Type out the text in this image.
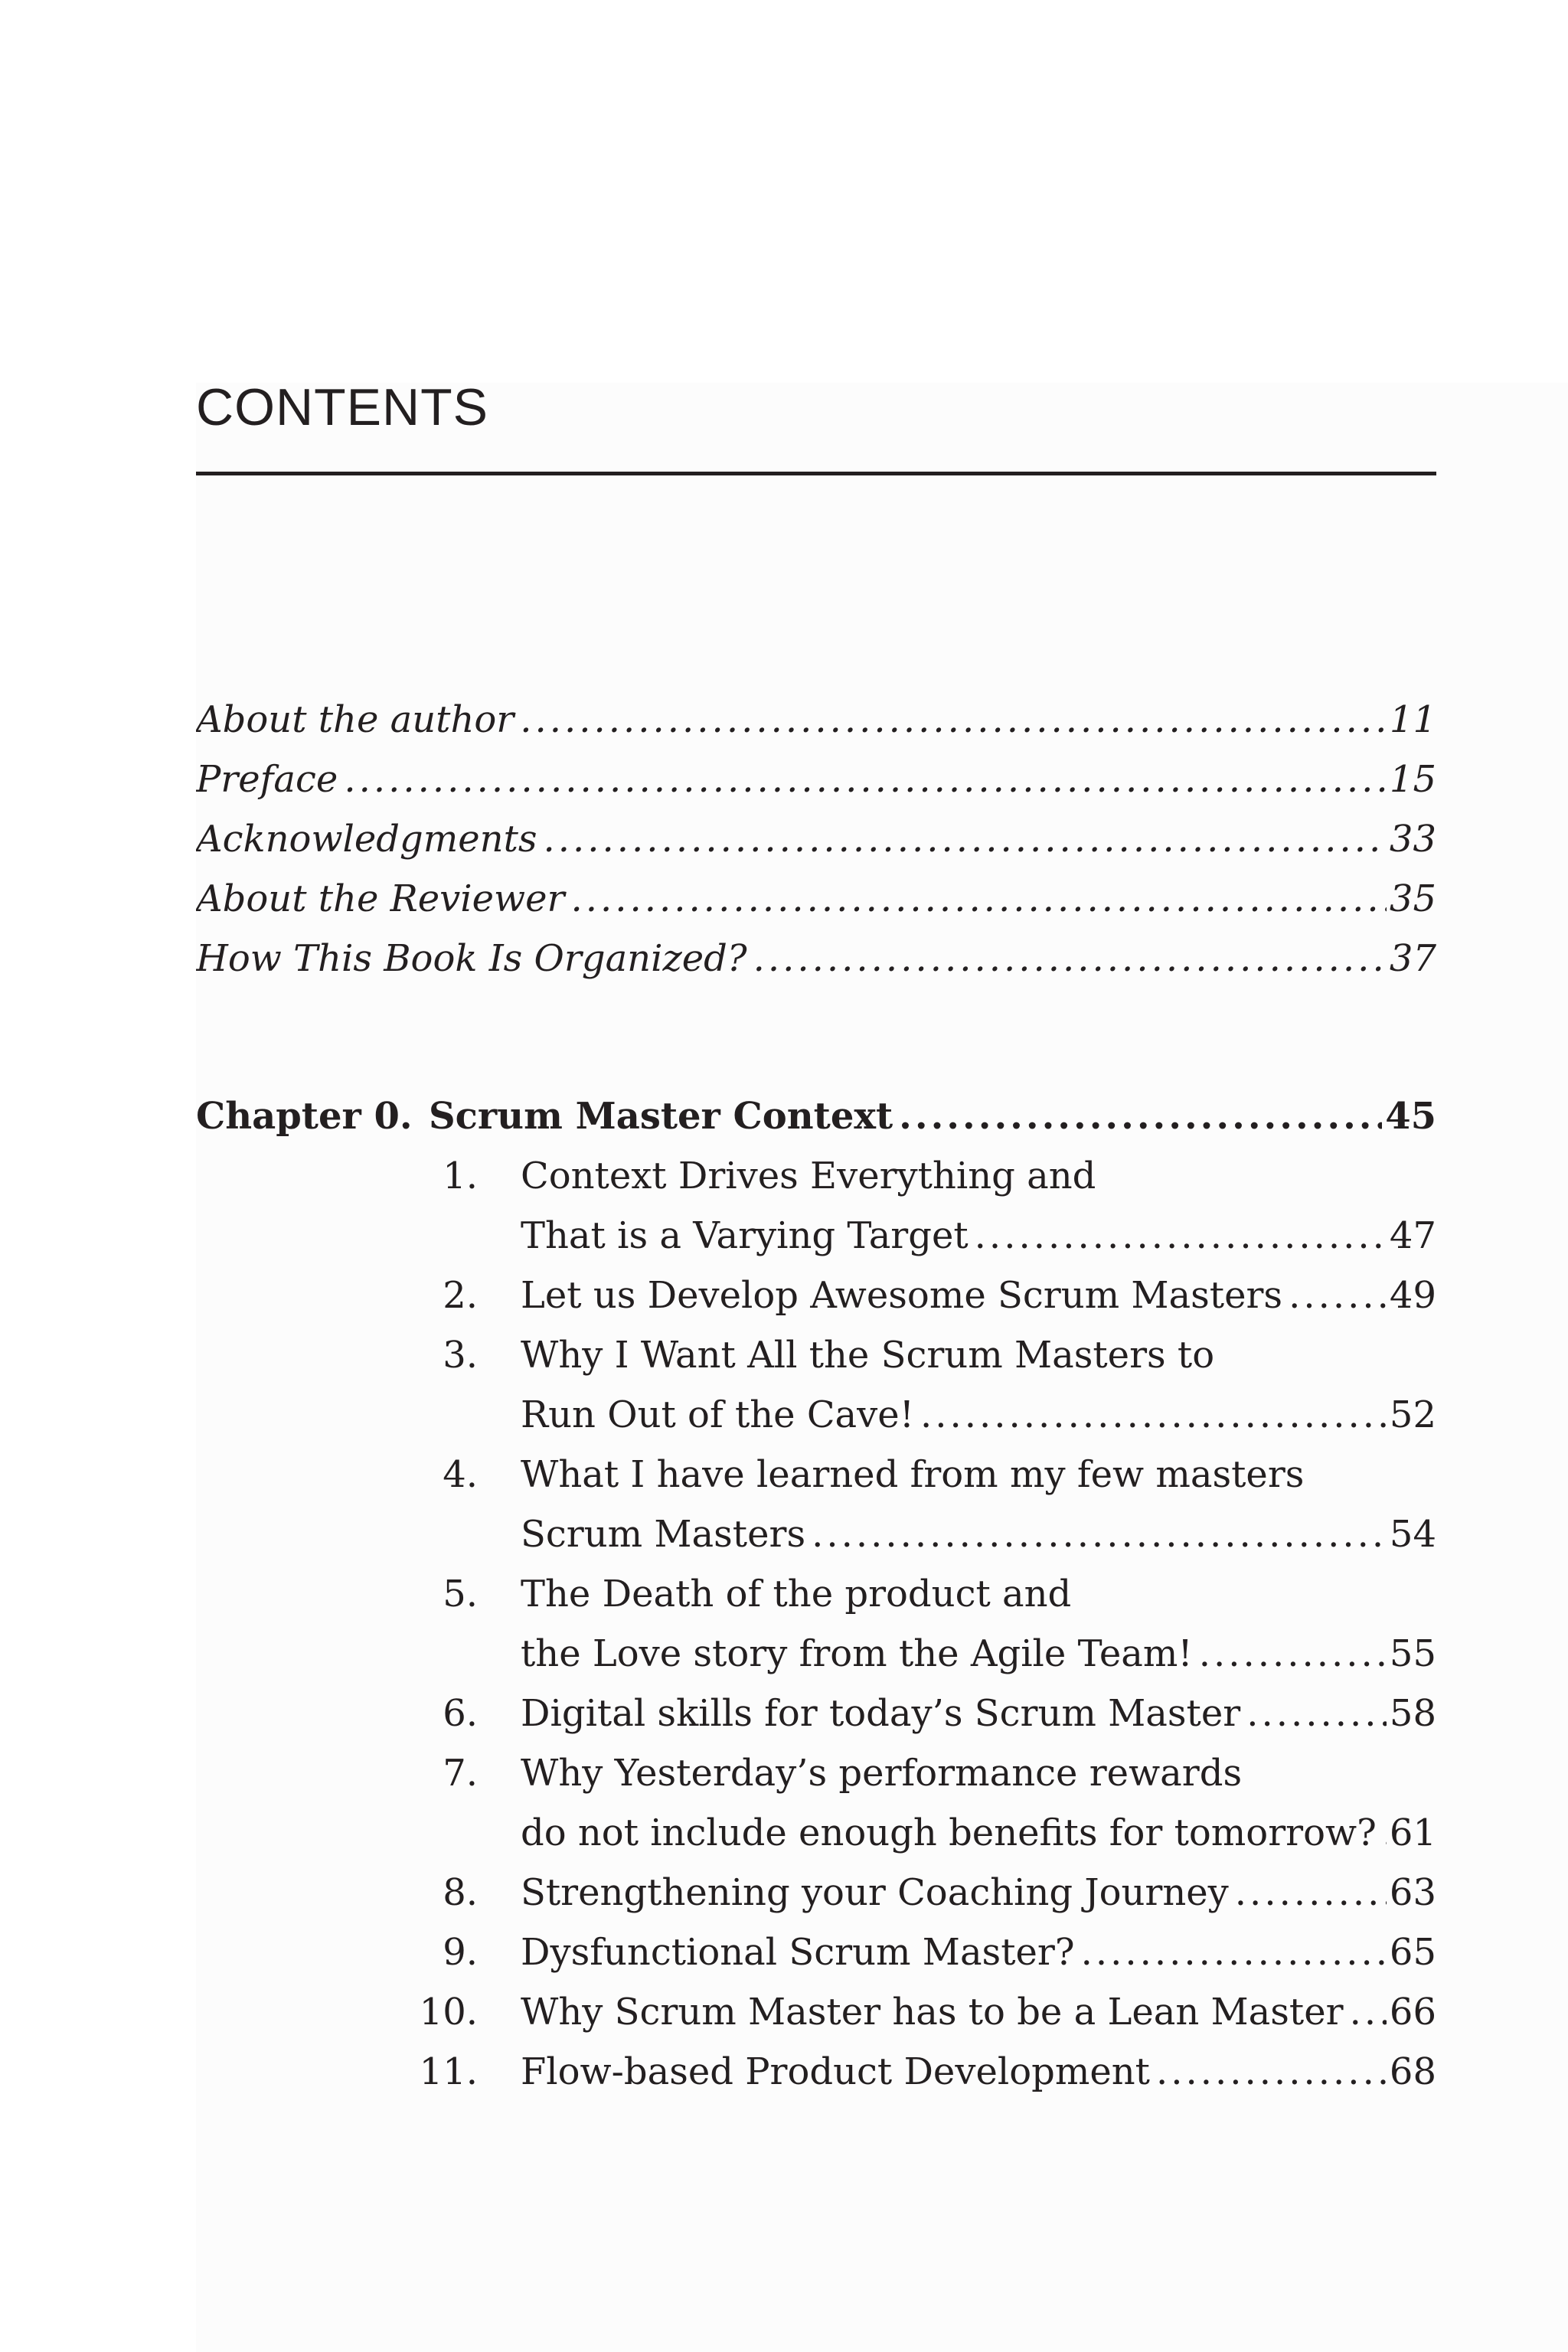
CONTENTS
About the author .....	11
Preface .....	15
Acknowledgments .....	33
About the Reviewer .....	35
How This Book Is Organized? .....	37
Chapter 0. Scrum Master Context .....	45
1. Context Drives Everything and
That is a Varying Target .....	47
2. Let us Develop Awesome Scrum Masters .....	49
3. Why I Want All the Scrum Masters to
Run Out of the Cave! .....	52
4. What I have learned from my few masters
Scrum Masters .....	54
5. The Death of the product and
the Love story from the Agile Team! .....	55
6. Digital skills for today’s Scrum Master .....	58
7. Why Yesterday’s performance rewards
do not include enough benefits for tomorrow? ..... 61
8. Strengthening your Coaching Journey .....	63
9. Dysfunctional Scrum Master? .....	65
10. Why Scrum Master has to be a Lean Master ..... 66
11. Flow-based Product Development .....	68
